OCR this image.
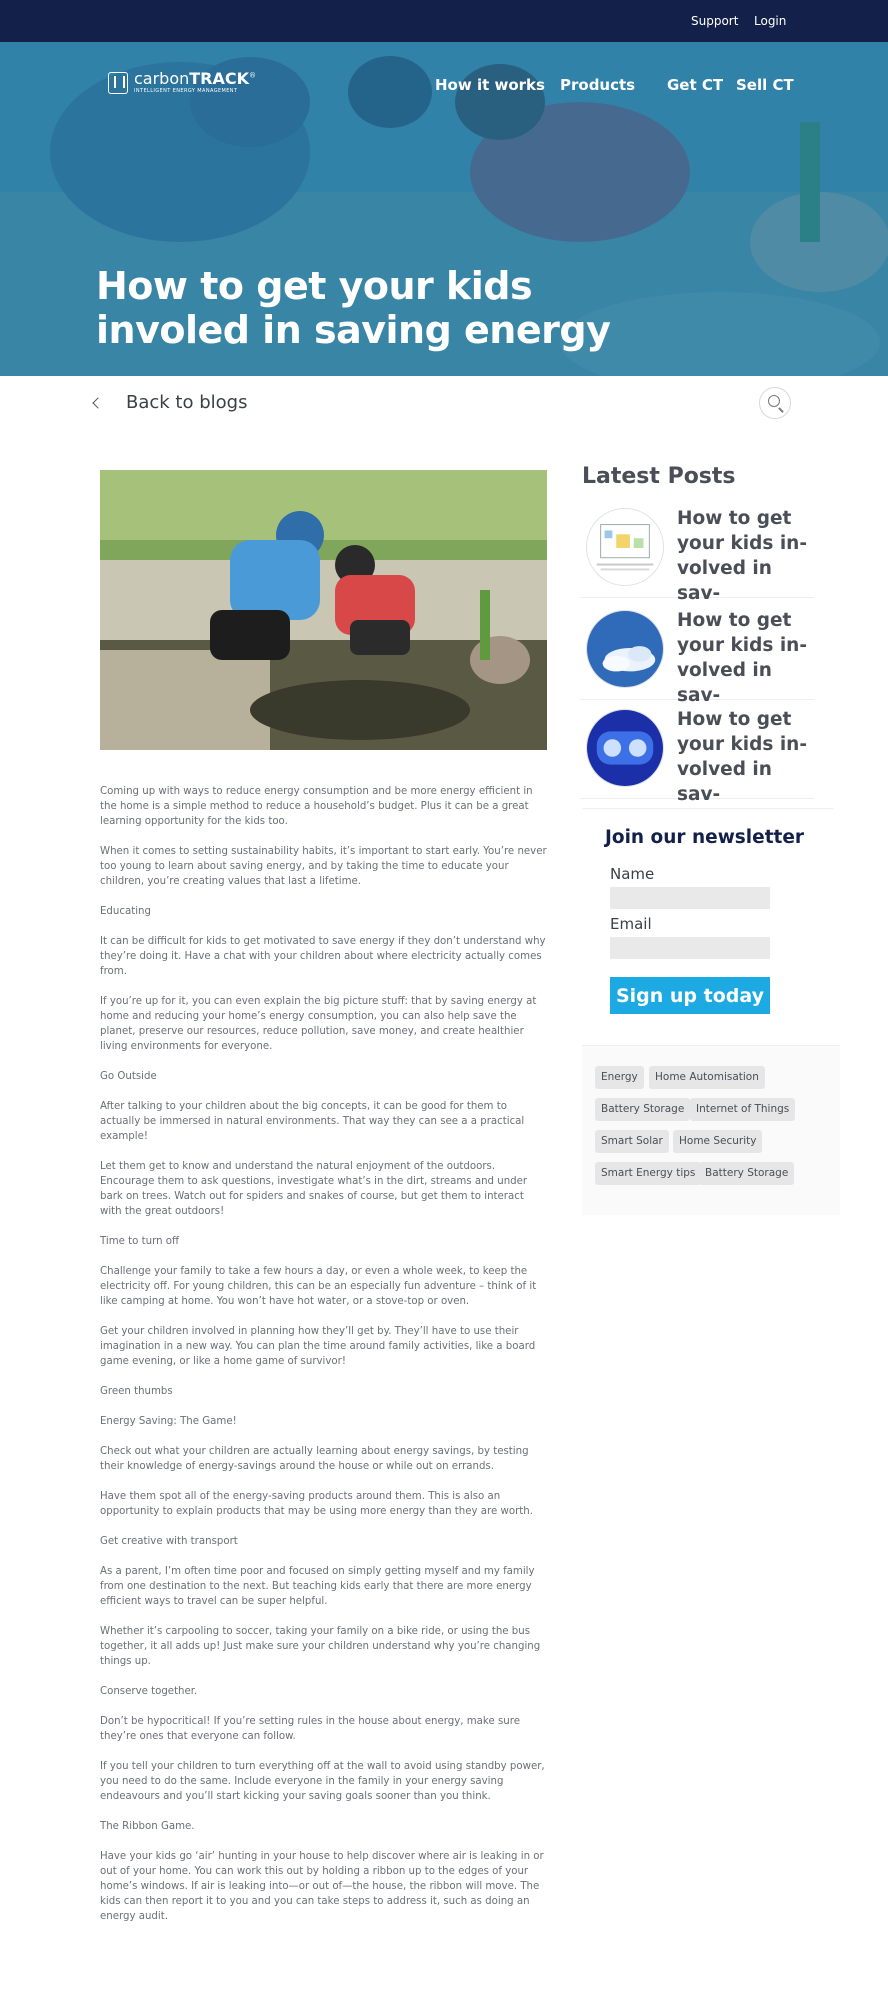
Support Login
carbonTRACK®
INTELLIGENT ENERGY MANAGEMENT	How it works Products Get CT Sell CT
How to get your kids involed in saving energy
Back to blogs

Coming up with ways to reduce energy consumption and be more energy efficient in the home is a simple method to reduce a household’s budget. Plus it can be a great learning opportunity for the kids too.

When it comes to setting sustainability habits, it’s important to start early. You’re never too young to learn about saving energy, and by taking the time to educate your children, you’re creating values that last a lifetime.

Educating

It can be difficult for kids to get motivated to save energy if they don’t understand why they’re doing it. Have a chat with your children about where electricity actually comes from.

If you’re up for it, you can even explain the big picture stuff: that by saving energy at home and reducing your home’s energy consumption, you can also help save the planet, preserve our resources, reduce pollution, save money, and create healthier living environments for everyone.

Go Outside

After talking to your children about the big concepts, it can be good for them to actually be immersed in natural environments. That way they can see a a practical example!

Let them get to know and understand the natural enjoyment of the outdoors. Encourage them to ask questions, investigate what’s in the dirt, streams and under bark on trees. Watch out for spiders and snakes of course, but get them to interact with the great outdoors!

Time to turn off

Challenge your family to take a few hours a day, or even a whole week, to keep the electricity off. For young children, this can be an especially fun adventure – think of it like camping at home. You won’t have hot water, or a stove-top or oven.

Get your children involved in planning how they’ll get by. They’ll have to use their imagination in a new way. You can plan the time around family activities, like a board game evening, or like a home game of survivor!

Green thumbs

Energy Saving: The Game!

Check out what your children are actually learning about energy savings, by testing their knowledge of energy-savings around the house or while out on errands.

Have them spot all of the energy-saving products around them. This is also an opportunity to explain products that may be using more energy than they are worth.

Get creative with transport

As a parent, I’m often time poor and focused on simply getting myself and my family from one destination to the next. But teaching kids early that there are more energy efficient ways to travel can be super helpful.

Whether it’s carpooling to soccer, taking your family on a bike ride, or using the bus together, it all adds up! Just make sure your children understand why you’re changing things up.

Conserve together.

Don’t be hypocritical! If you’re setting rules in the house about energy, make sure they’re ones that everyone can follow.

If you tell your children to turn everything off at the wall to avoid using standby power, you need to do the same. Include everyone in the family in your energy saving endeavours and you’ll start kicking your saving goals sooner than you think.

The Ribbon Game.

Have your kids go ‘air’ hunting in your house to help discover where air is leaking in or out of your home. You can work this out by holding a ribbon up to the edges of your home’s windows. If air is leaking into—or out of—the house, the ribbon will move. The kids can then report it to you and you can take steps to address it, such as doing an energy audit.

Latest Posts
How to get your kids involved in sav-
How to get your kids involved in sav-
How to get your kids involved in sav-
Join our newsletter
Name
Email
Sign up today
Energy	Home Automisation
Battery Storage	Internet of Things
Smart Solar	Home Security
Smart Energy tips Battery Storage
